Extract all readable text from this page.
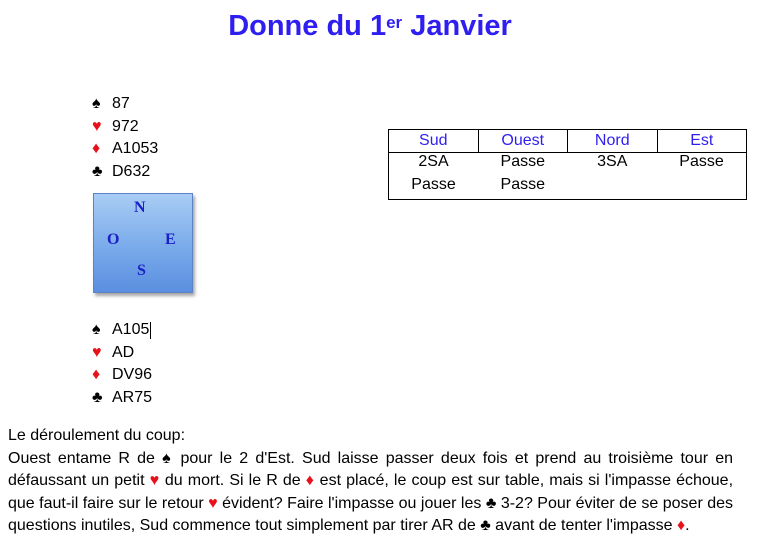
Donne du 1er Janvier
♠ 87
♥ 972
♦ A1053
♣ D632
N
O	E
S
♠ A105
♥ AD
♦ DV96
♣ AR75
Sud	Ouest	Nord	Est
2SA	Passe	3SA	Passe
Passe	Passe		
Le déroulement du coup:
Ouest entame R de ♠ pour le 2 d'Est. Sud laisse passer deux fois et prend au troisième tour en défaussant un petit ♥ du mort. Si le R de ♦ est placé, le coup est sur table, mais si l'impasse échoue, que faut-il faire sur le retour ♥ évident? Faire l'impasse ou jouer les ♣ 3-2? Pour éviter de se poser des questions inutiles, Sud commence tout simplement par tirer AR de ♣ avant de tenter l'impasse ♦.
